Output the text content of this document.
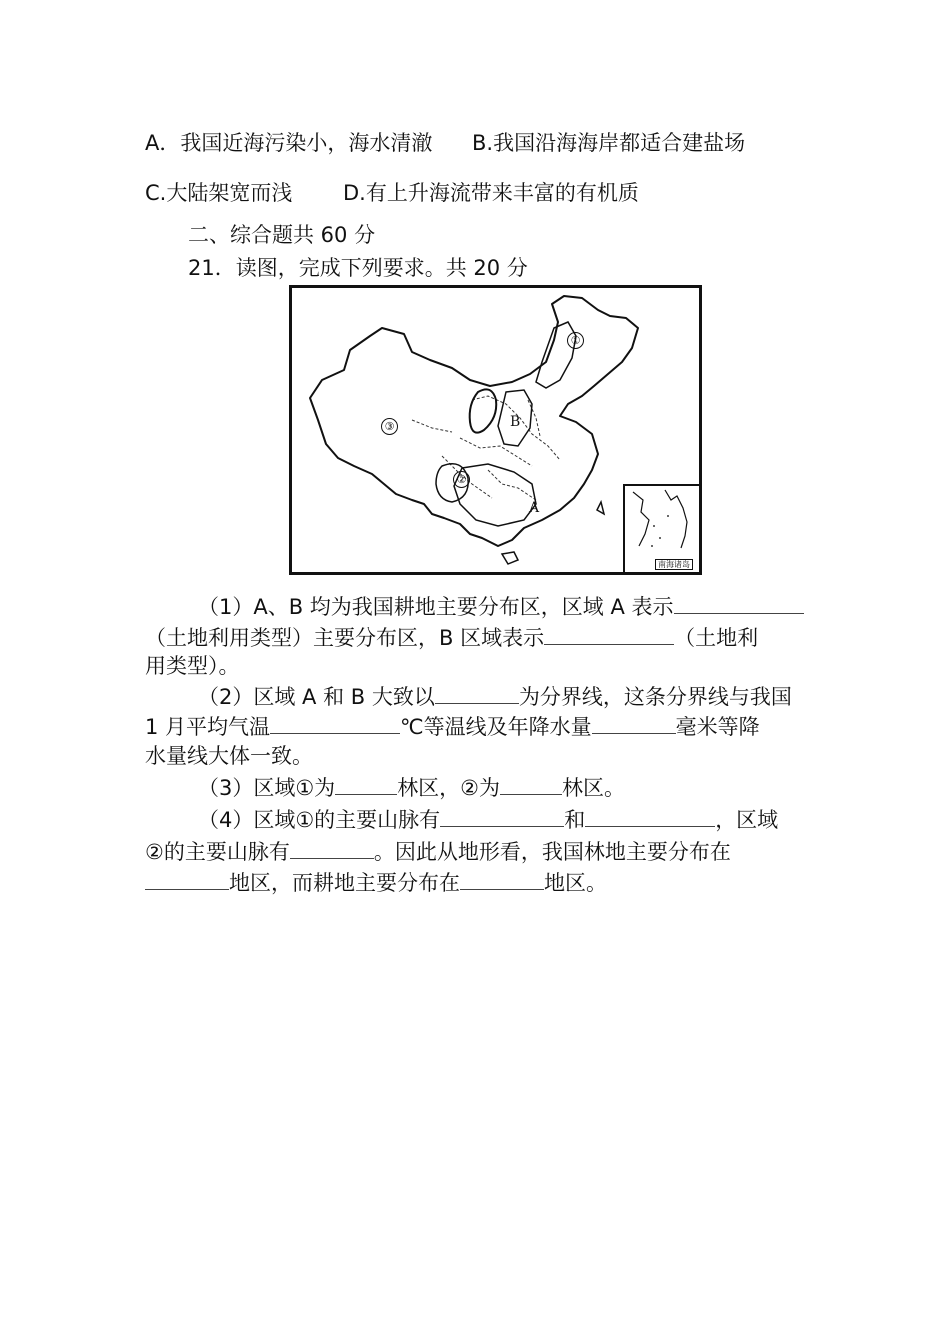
A．我国近海污染小，海水清澈 B.我国沿海海岸都适合建盐场
C.大陆架宽而浅 D.有上升海流带来丰富的有机质
二、综合题共 60 分
21．读图，完成下列要求。共 20 分
①
②
③
A
B
南海诸岛
（1）A、B 均为我国耕地主要分布区，区域 A 表示
（土地利用类型）主要分布区，B 区域表示	（土地利
用类型）。
（2）区域 A 和 B 大致以	为分界线，这条分界线与我国
1 月平均气温	℃等温线及年降水量	毫米等降
水量线大体一致。
（3）区域①为	林区，②为	林区。
（4）区域①的主要山脉有	和	，区域
②的主要山脉有	。因此从地形看，我国林地主要分布在
地区，而耕地主要分布在	地区。
